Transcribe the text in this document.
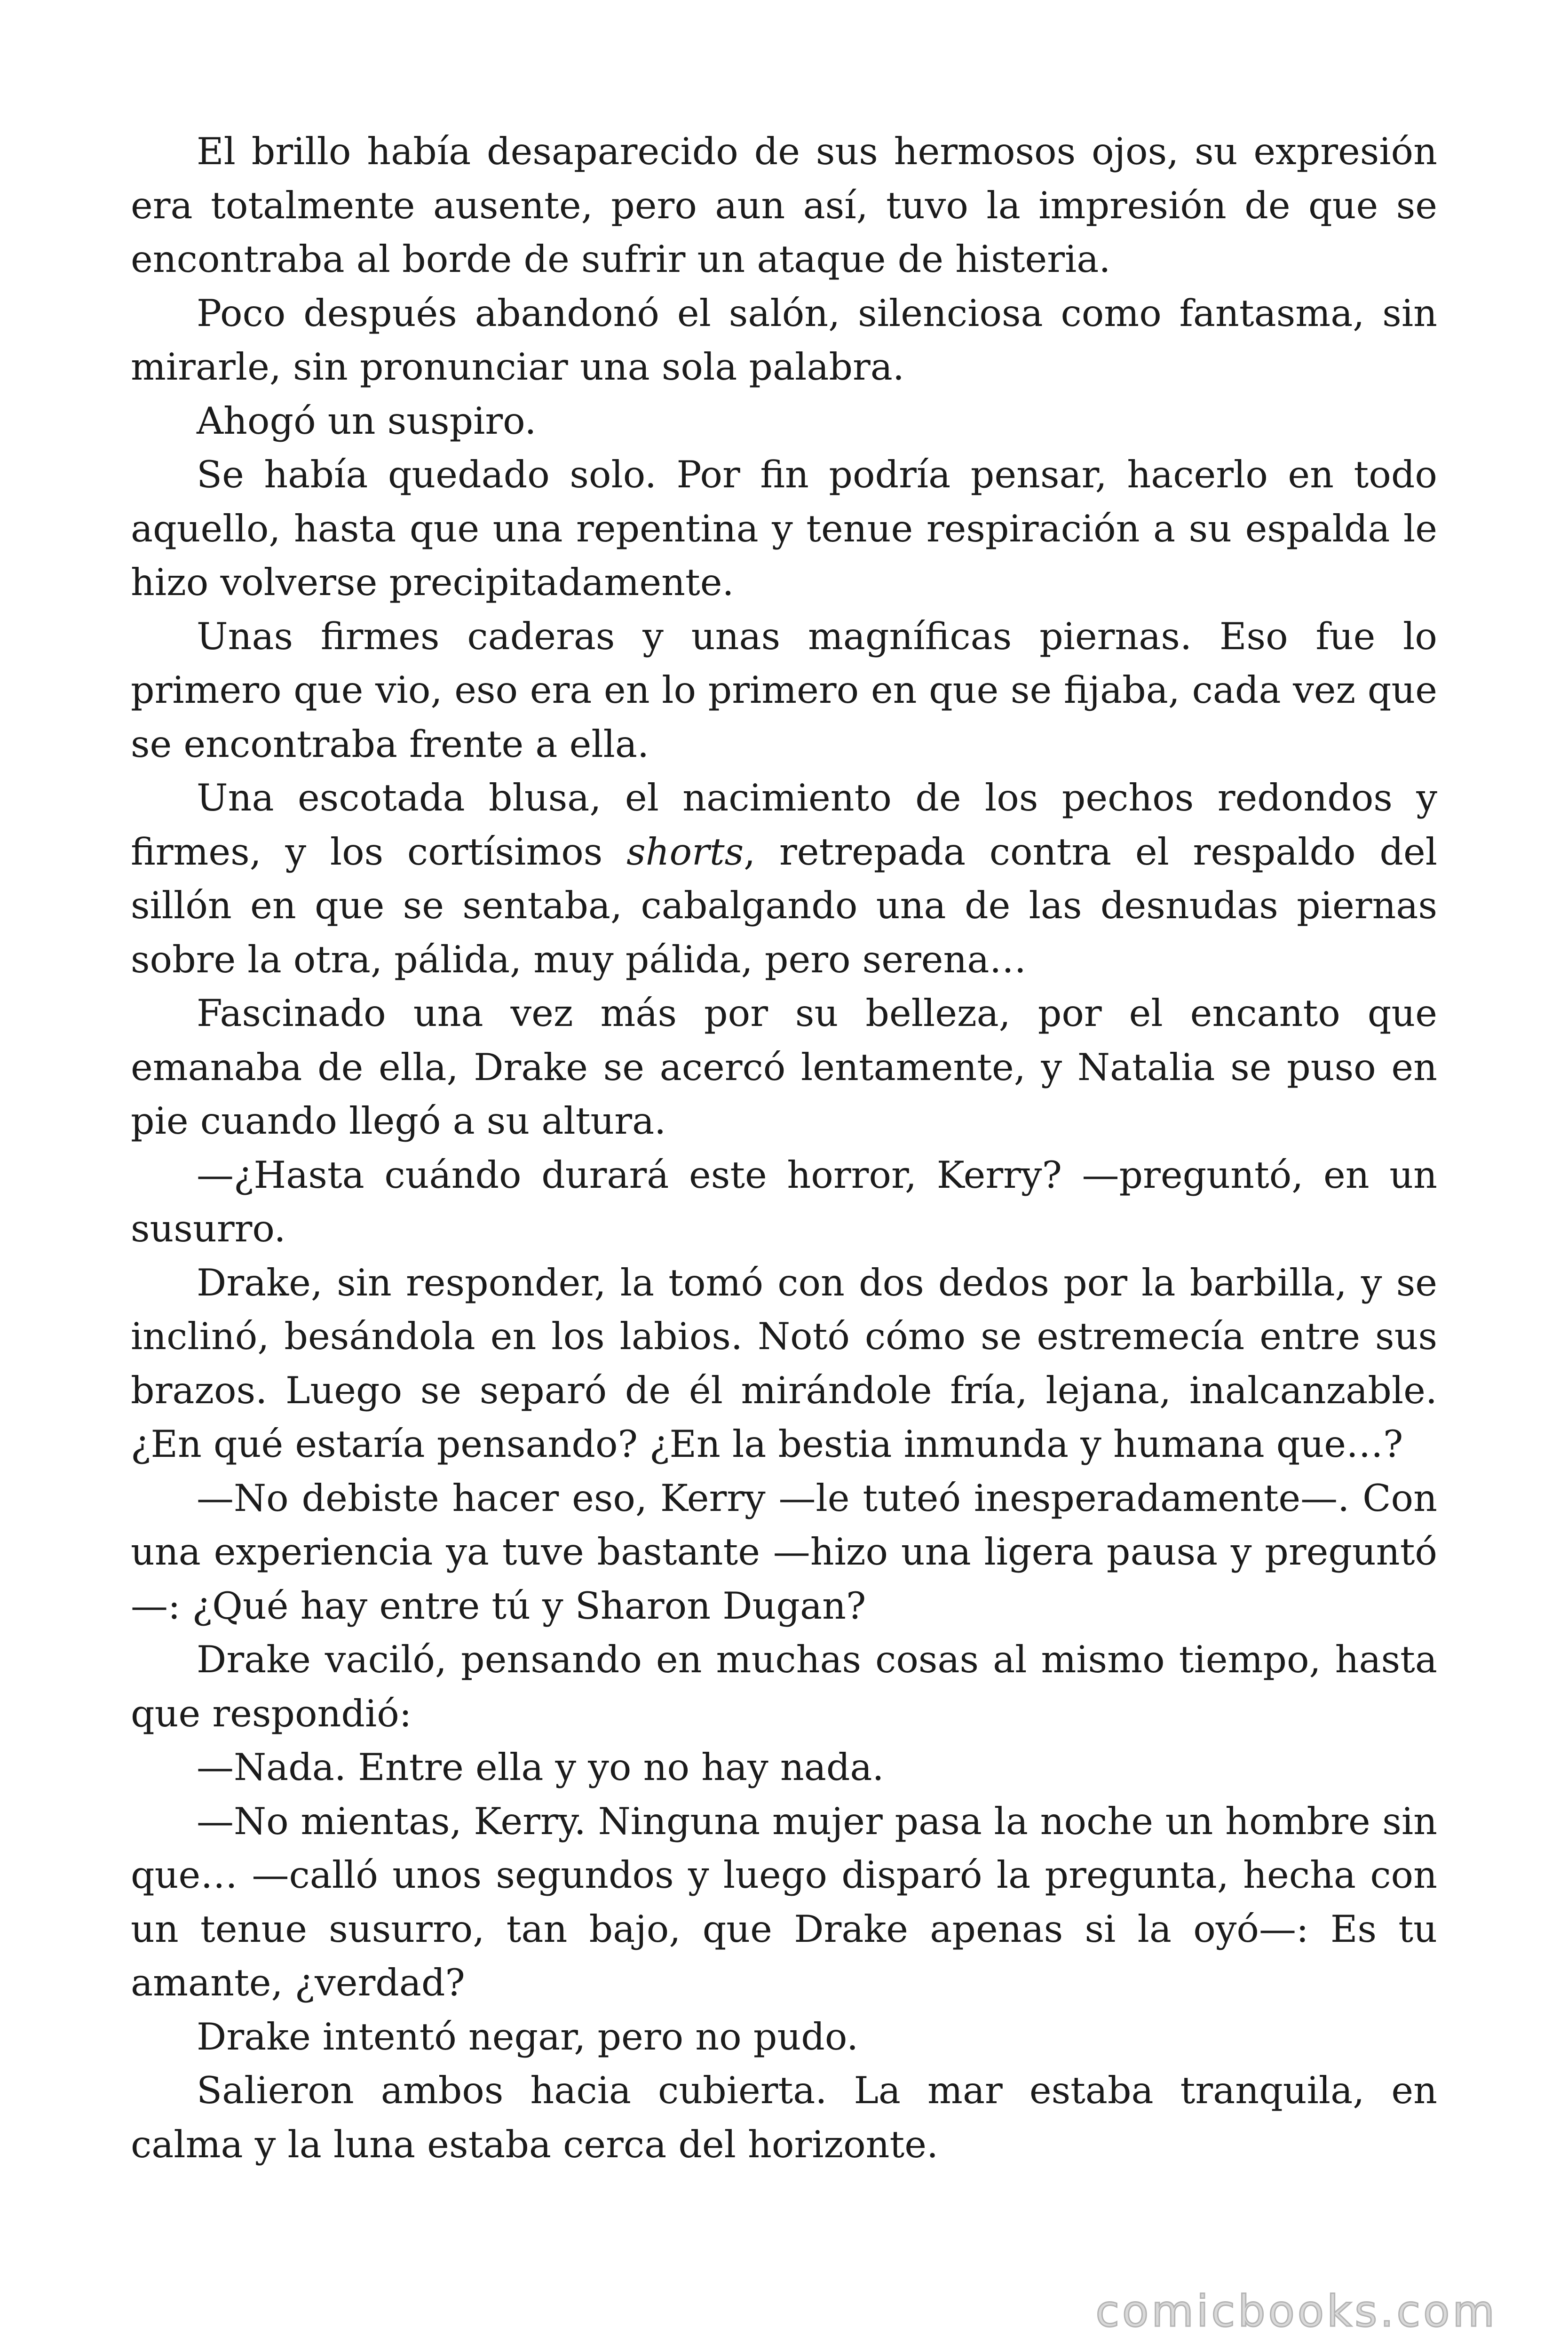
El brillo había desaparecido de sus hermosos ojos, su expresión era totalmente ausente, pero aun así, tuvo la impresión de que se encontraba al borde de sufrir un ataque de histeria.

Poco después abandonó el salón, silenciosa como fantasma, sin mirarle, sin pronunciar una sola palabra.

Ahogó un suspiro.

Se había quedado solo. Por fin podría pensar, hacerlo en todo aquello, hasta que una repentina y tenue respiración a su espalda le hizo volverse precipitadamente.

Unas firmes caderas y unas magníficas piernas. Eso fue lo primero que vio, eso era en lo primero en que se fijaba, cada vez que se encontraba frente a ella.

Una escotada blusa, el nacimiento de los pechos redondos y firmes, y los cortísimos shorts, retrepada contra el respaldo del sillón en que se sentaba, cabalgando una de las desnudas piernas sobre la otra, pálida, muy pálida, pero serena…

Fascinado una vez más por su belleza, por el encanto que emanaba de ella, Drake se acercó lentamente, y Natalia se puso en pie cuando llegó a su altura.

—¿Hasta cuándo durará este horror, Kerry? —preguntó, en un susurro.

Drake, sin responder, la tomó con dos dedos por la barbilla, y se inclinó, besándola en los labios. Notó cómo se estremecía entre sus brazos. Luego se separó de él mirándole fría, lejana, inalcanzable. ¿En qué estaría pensando? ¿En la bestia inmunda y humana que…?

—No debiste hacer eso, Kerry —le tuteó inesperadamente—. Con una experiencia ya tuve bastante —hizo una ligera pausa y preguntó—: ¿Qué hay entre tú y Sharon Dugan?

Drake vaciló, pensando en muchas cosas al mismo tiempo, hasta que respondió:

—Nada. Entre ella y yo no hay nada.

—No mientas, Kerry. Ninguna mujer pasa la noche un hombre sin que… —calló unos segundos y luego disparó la pregunta, hecha con un tenue susurro, tan bajo, que Drake apenas si la oyó—: Es tu amante, ¿verdad?

Drake intentó negar, pero no pudo.

Salieron ambos hacia cubierta. La mar estaba tranquila, en calma y la luna estaba cerca del horizonte.

comicbooks.com
